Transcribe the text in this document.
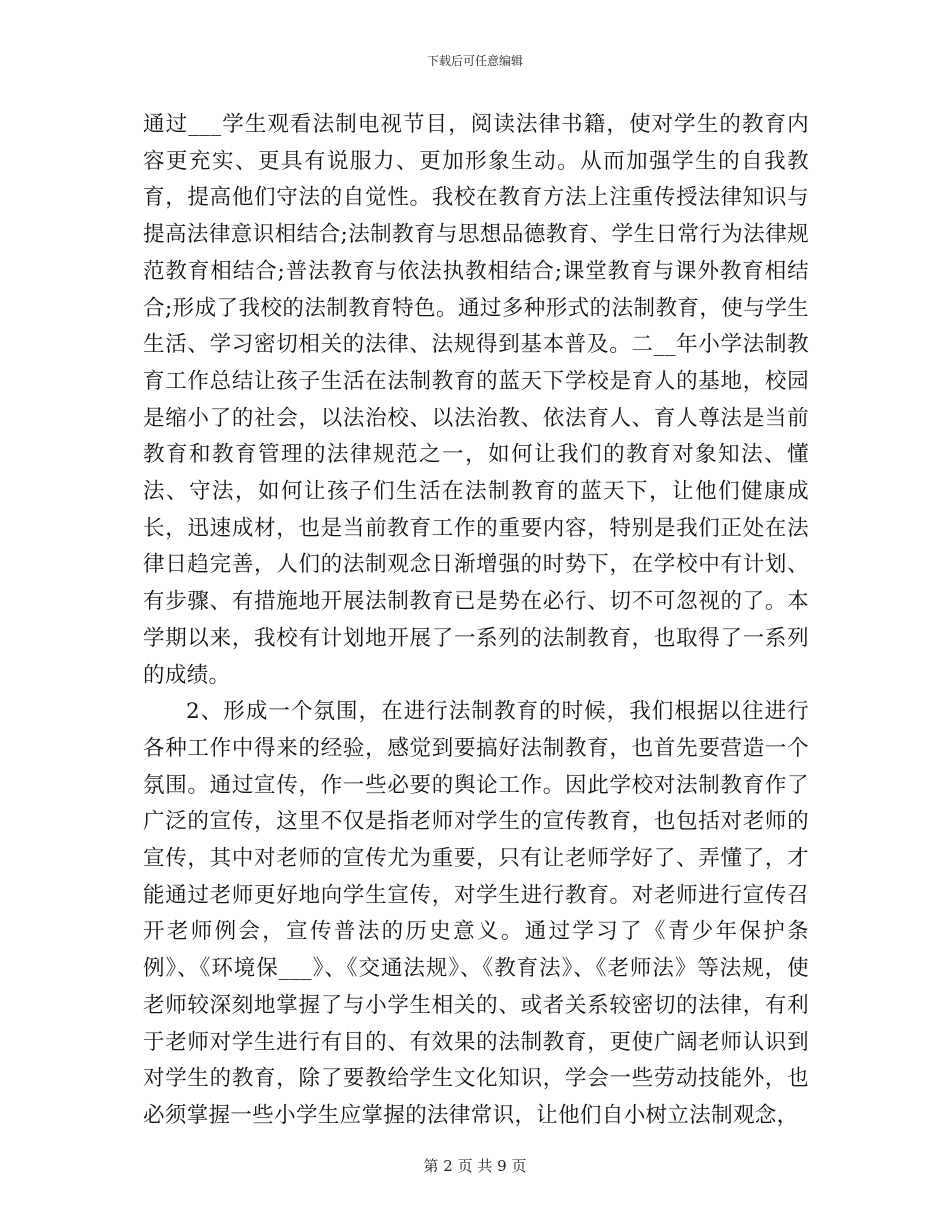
下载后可任意编辑

通过___学生观看法制电视节目，阅读法律书籍，使对学生的教育内容更充实、更具有说服力、更加形象生动。从而加强学生的自我教育，提高他们守法的自觉性。我校在教育方法上注重传授法律知识与提高法律意识相结合;法制教育与思想品德教育、学生日常行为法律规范教育相结合;普法教育与依法执教相结合;课堂教育与课外教育相结合;形成了我校的法制教育特色。通过多种形式的法制教育，使与学生生活、学习密切相关的法律、法规得到基本普及。二__年小学法制教育工作总结让孩子生活在法制教育的蓝天下学校是育人的基地，校园是缩小了的社会，以法治校、以法治教、依法育人、育人尊法是当前教育和教育管理的法律规范之一，如何让我们的教育对象知法、懂法、守法，如何让孩子们生活在法制教育的蓝天下，让他们健康成长，迅速成材，也是当前教育工作的重要内容，特别是我们正处在法律日趋完善，人们的法制观念日渐增强的时势下，在学校中有计划、有步骤、有措施地开展法制教育已是势在必行、切不可忽视的了。本学期以来，我校有计划地开展了一系列的法制教育，也取得了一系列的成绩。

2、形成一个氛围，在进行法制教育的时候，我们根据以往进行各种工作中得来的经验，感觉到要搞好法制教育，也首先要营造一个氛围。通过宣传，作一些必要的舆论工作。因此学校对法制教育作了广泛的宣传，这里不仅是指老师对学生的宣传教育，也包括对老师的宣传，其中对老师的宣传尤为重要，只有让老师学好了、弄懂了，才能通过老师更好地向学生宣传，对学生进行教育。对老师进行宣传召开老师例会，宣传普法的历史意义。通过学习了《青少年保护条例》、《环境保___》、《交通法规》、《教育法》、《老师法》等法规，使老师较深刻地掌握了与小学生相关的、或者关系较密切的法律，有利于老师对学生进行有目的、有效果的法制教育，更使广阔老师认识到对学生的教育，除了要教给学生文化知识，学会一些劳动技能外，也必须掌握一些小学生应掌握的法律常识，让他们自小树立法制观念，

第 2 页 共 9 页
